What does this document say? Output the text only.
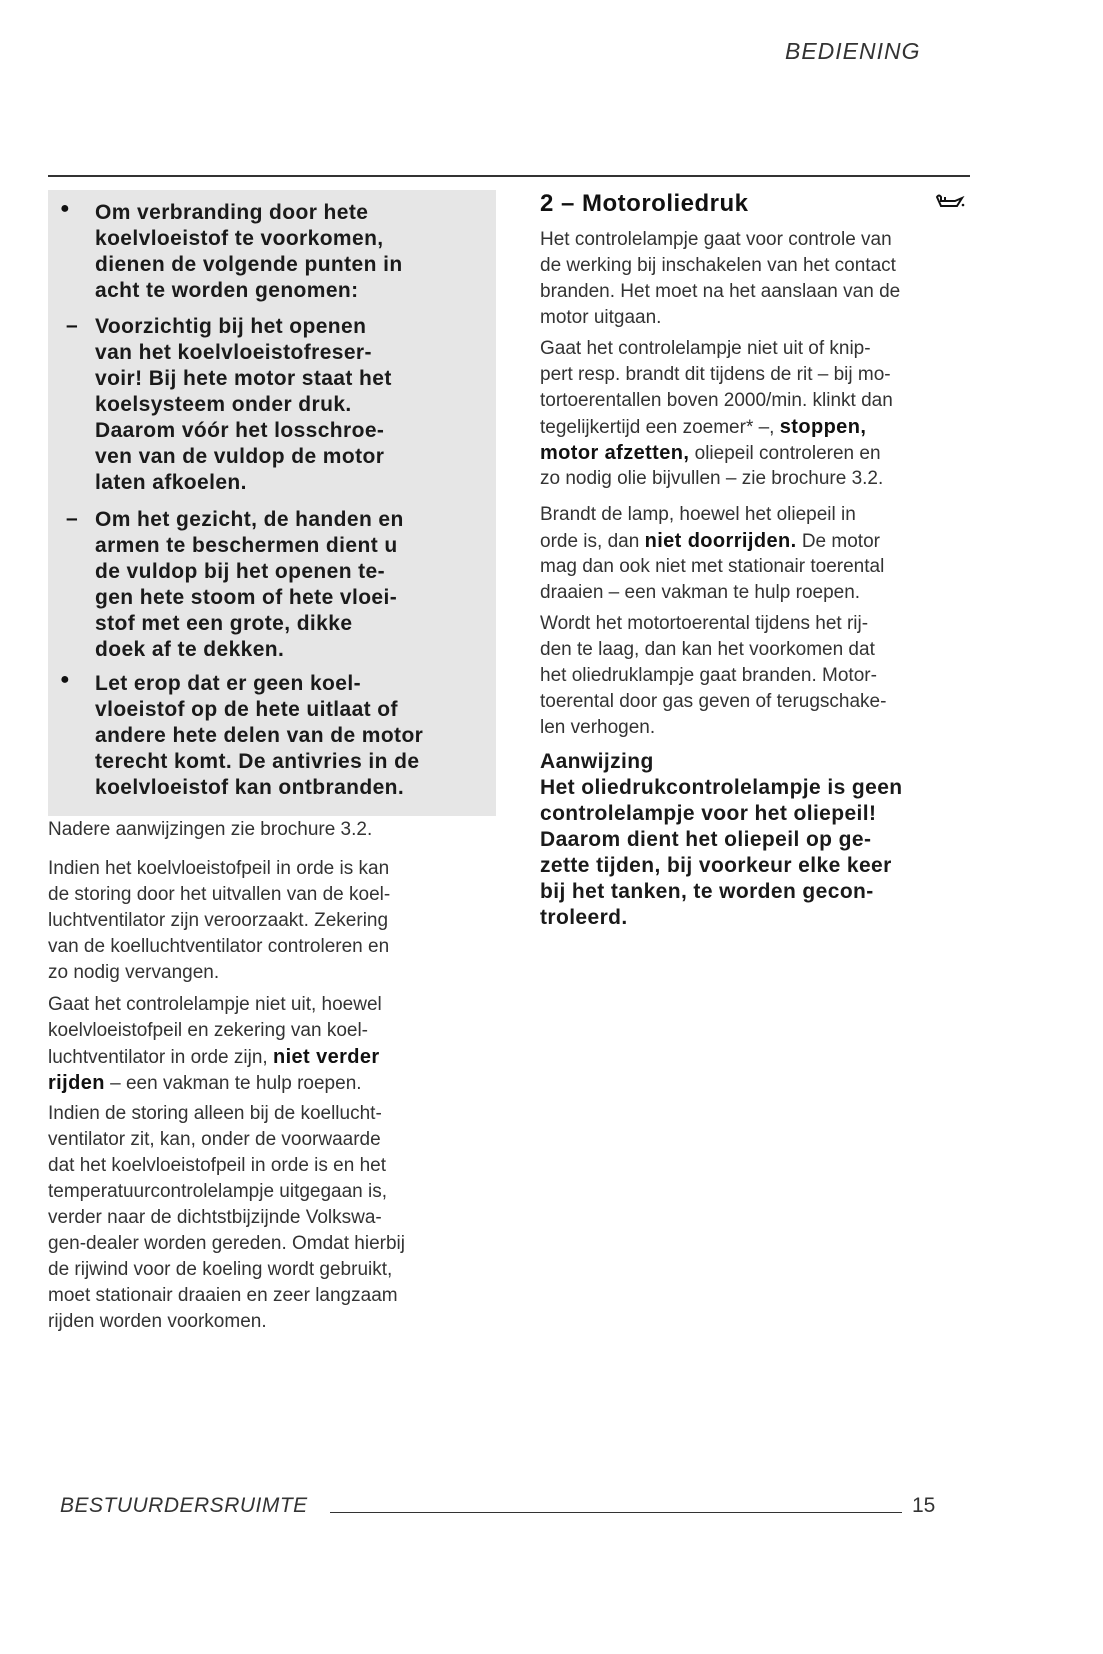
BEDIENING
●	Om verbranding door hete
koelvloeistof te voorkomen,
dienen de volgende punten in
acht te worden genomen:
– Voorzichtig bij het openen
van het koelvloeistofreser-
voir! Bij hete motor staat het
koelsysteem onder druk.
Daarom vóór het losschroe-
ven van de vuldop de motor
laten afkoelen.
– Om het gezicht, de handen en
armen te beschermen dient u
de vuldop bij het openen te-
gen hete stoom of hete vloei-
stof met een grote, dikke
doek af te dekken.
●	Let erop dat er geen koel-
vloeistof op de hete uitlaat of
andere hete delen van de motor
terecht komt. De antivries in de
koelvloeistof kan ontbranden.
Nadere aanwijzingen zie brochure 3.2.
Indien het koelvloeistofpeil in orde is kan
de storing door het uitvallen van de koel-
luchtventilator zijn veroorzaakt. Zekering
van de koelluchtventilator controleren en
zo nodig vervangen.
Gaat het controlelampje niet uit, hoewel
koelvloeistofpeil en zekering van koel-
luchtventilator in orde zijn, niet verder
rijden – een vakman te hulp roepen.
Indien de storing alleen bij de koellucht-
ventilator zit, kan, onder de voorwaarde
dat het koelvloeistofpeil in orde is en het
temperatuurcontrolelampje uitgegaan is,
verder naar de dichtstbijzijnde Volkswa-
gen-dealer worden gereden. Omdat hierbij
de rijwind voor de koeling wordt gebruikt,
moet stationair draaien en zeer langzaam
rijden worden voorkomen.
2 – Motoroliedruk
Het controlelampje gaat voor controle van
de werking bij inschakelen van het contact
branden. Het moet na het aanslaan van de
motor uitgaan.
Gaat het controlelampje niet uit of knip-
pert resp. brandt dit tijdens de rit – bij mo-
tortoerentallen boven 2000/min. klinkt dan
tegelijkertijd een zoemer* –, stoppen,
motor afzetten, oliepeil controleren en
zo nodig olie bijvullen – zie brochure 3.2.
Brandt de lamp, hoewel het oliepeil in
orde is, dan niet doorrijden. De motor
mag dan ook niet met stationair toerental
draaien – een vakman te hulp roepen.
Wordt het motortoerental tijdens het rij-
den te laag, dan kan het voorkomen dat
het oliedruklampje gaat branden. Motor-
toerental door gas geven of terugschake-
len verhogen.
Aanwijzing
Het oliedrukcontrolelampje is geen
controlelampje voor het oliepeil!
Daarom dient het oliepeil op ge-
zette tijden, bij voorkeur elke keer
bij het tanken, te worden gecon-
troleerd.
BESTUURDERSRUIMTE	15
